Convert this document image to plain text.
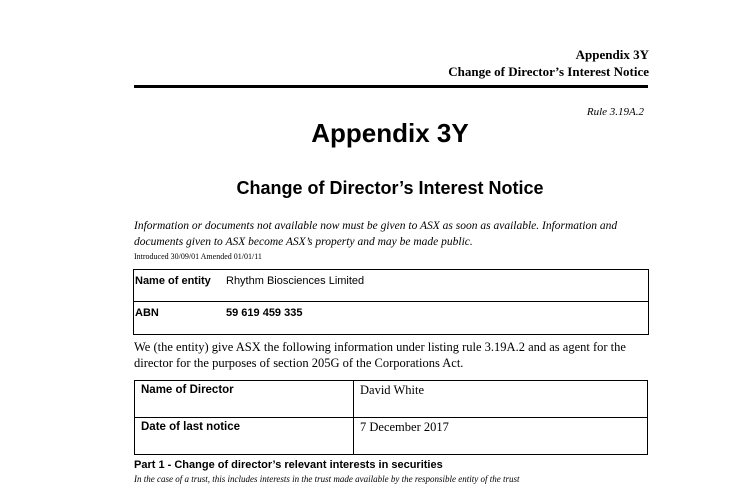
Appendix 3Y
Change of Director’s Interest Notice
Rule 3.19A.2
Appendix 3Y
Change of Director’s Interest Notice
Information or documents not available now must be given to ASX as soon as available. Information and documents given to ASX become ASX’s property and may be made public.
Introduced 30/09/01 Amended 01/01/11
Name of entity	Rhythm Biosciences Limited
ABN	59 619 459 335
We (the entity) give ASX the following information under listing rule 3.19A.2 and as agent for the director for the purposes of section 205G of the Corporations Act.
Name of Director	David White
Date of last notice	7 December 2017
Part 1 - Change of director’s relevant interests in securities
In the case of a trust, this includes interests in the trust made available by the responsible entity of the trust
